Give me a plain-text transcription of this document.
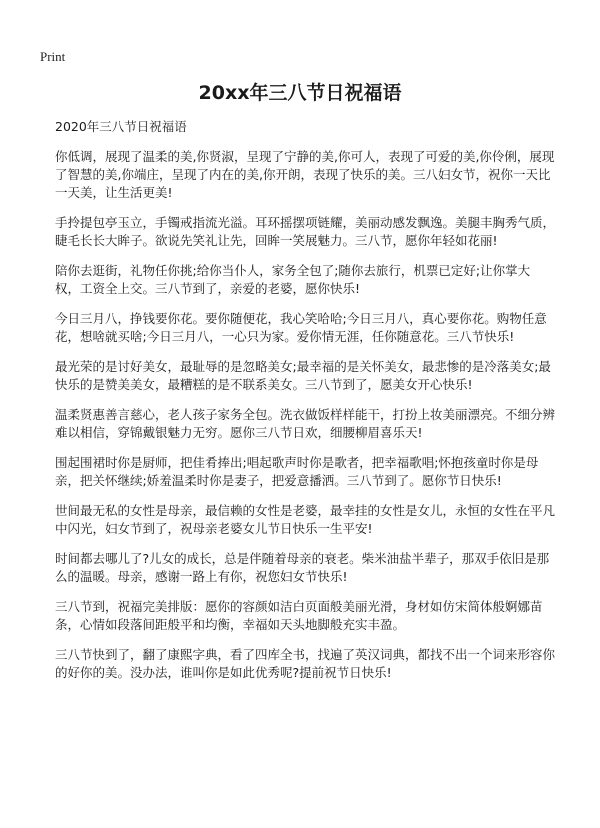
Print
20xx年三八节日祝福语
2020年三八节日祝福语

你低调，展现了温柔的美,你贤淑，呈现了宁静的美,你可人，表现了可爱的美,你伶俐，展现了智慧的美,你端庄，呈现了内在的美,你开朗，表现了快乐的美。三八妇女节，祝你一天比一天美，让生活更美!

手拎提包亭玉立，手镯戒指流光溢。耳环摇摆项链耀，美丽动感发飘逸。美腿丰胸秀气质，睫毛长长大眸子。欲说先笑礼让先，回眸一笑展魅力。三八节，愿你年轻如花丽!

陪你去逛街，礼物任你挑;给你当仆人，家务全包了;随你去旅行，机票已定好;让你掌大权，工资全上交。三八节到了，亲爱的老婆，愿你快乐!

今日三月八，挣钱要你花。要你随便花，我心笑哈哈;今日三月八，真心要你花。购物任意花，想啥就买啥;今日三月八，一心只为家。爱你情无涯，任你随意花。三八节快乐!

最光荣的是讨好美女，最耻辱的是忽略美女;最幸福的是关怀美女，最悲惨的是冷落美女;最快乐的是赞美美女，最糟糕的是不联系美女。三八节到了，愿美女开心快乐!

温柔贤惠善言慈心，老人孩子家务全包。洗衣做饭样样能干，打扮上妆美丽漂亮。不细分辨难以相信，穿锦戴银魅力无穷。愿你三八节日欢，细腰柳眉喜乐天!

围起围裙时你是厨师，把佳肴捧出;唱起歌声时你是歌者，把幸福歌唱;怀抱孩童时你是母亲，把关怀继续;娇羞温柔时你是妻子，把爱意播洒。三八节到了。愿你节日快乐!

世间最无私的女性是母亲，最信赖的女性是老婆，最幸挂的女性是女儿，永恒的女性在平凡中闪光，妇女节到了，祝母亲老婆女儿节日快乐一生平安!

时间都去哪儿了?儿女的成长，总是伴随着母亲的衰老。柴米油盐半辈子，那双手依旧是那么的温暖。母亲，感谢一路上有你，祝您妇女节快乐!

三八节到，祝福完美排版：愿你的容颜如洁白页面般美丽光滑，身材如仿宋简体般婀娜苗条，心情如段落间距般平和均衡，幸福如天头地脚般充实丰盈。

三八节快到了，翻了康熙字典，看了四库全书，找遍了英汉词典，都找不出一个词来形容你的好你的美。没办法，谁叫你是如此优秀呢?提前祝节日快乐!
